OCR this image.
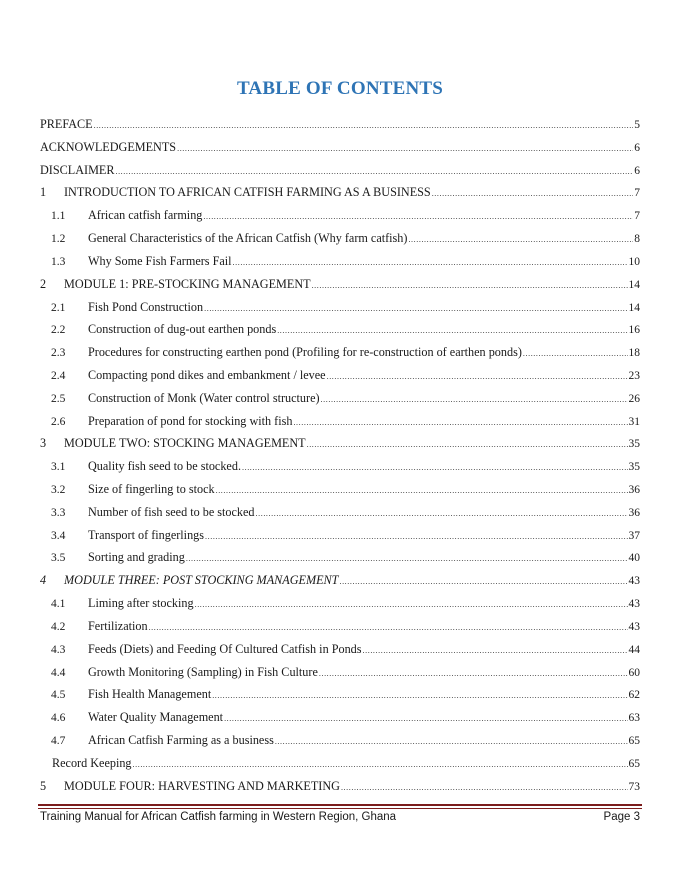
TABLE OF CONTENTS
PREFACE .....	5
ACKNOWLEDGEMENTS .....	6
DISCLAIMER .....	6
1	INTRODUCTION TO AFRICAN CATFISH FARMING AS A BUSINESS .....	7
1.1	African catfish farming .....	7
1.2	General Characteristics of the African Catfish (Why farm catfish) .....	8
1.3	Why Some Fish Farmers Fail .....	10
2	MODULE 1: PRE-STOCKING MANAGEMENT .....	14
2.1	Fish Pond Construction .....	14
2.2	Construction of dug-out earthen ponds .....	16
2.3	Procedures for constructing earthen pond (Profiling for re-construction of earthen ponds) .....	18
2.4	Compacting pond dikes and embankment / levee .....	23
2.5	Construction of Monk (Water control structure) .....	26
2.6	Preparation of pond for stocking with fish .....	31
3	MODULE TWO: STOCKING MANAGEMENT .....	35
3.1	Quality fish seed to be stocked. .....	35
3.2	Size of fingerling to stock .....	36
3.3	Number of fish seed to be stocked .....	36
3.4	Transport of fingerlings .....	37
3.5	Sorting and grading .....	40
4	MODULE THREE: POST STOCKING MANAGEMENT .....	43
4.1	Liming after stocking .....	43
4.2	Fertilization .....	43
4.3	Feeds (Diets) and Feeding Of Cultured Catfish in Ponds .....	44
4.4	Growth Monitoring (Sampling) in Fish Culture .....	60
4.5	Fish Health Management .....	62
4.6	Water Quality Management .....	63
4.7	African Catfish Farming as a business .....	65
Record Keeping .....	65
5	MODULE FOUR: HARVESTING AND MARKETING .....	73
Training Manual for African Catfish farming in Western Region, Ghana	Page 3
